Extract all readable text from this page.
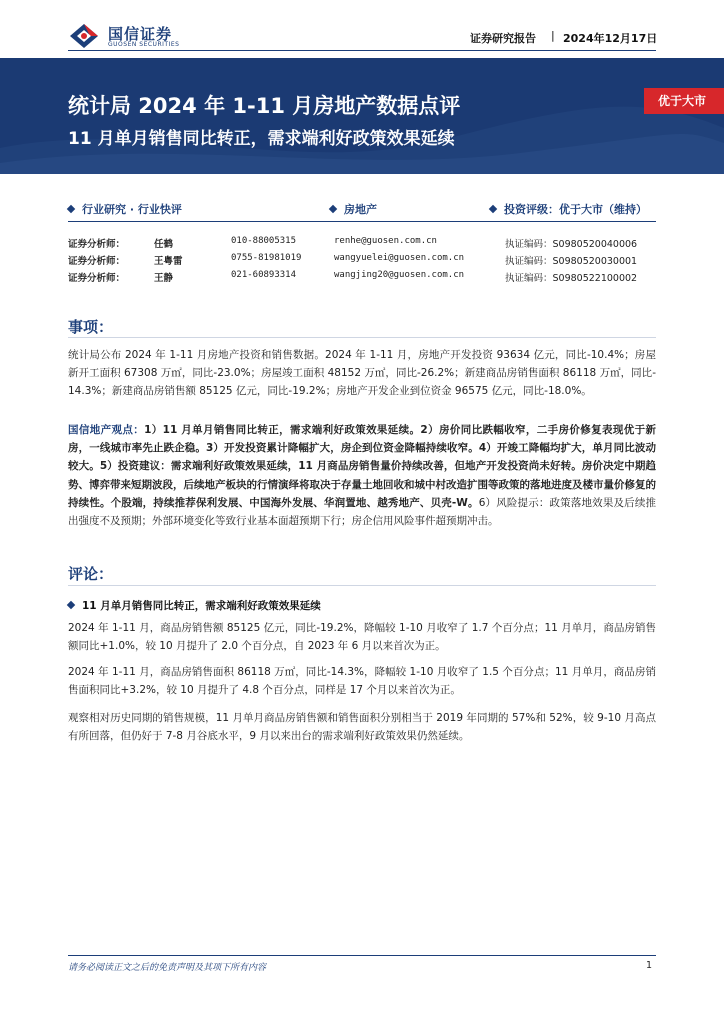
国信证券
GUOSEN SECURITIES	证券研究报告 | 2024年12月17日
统计局 2024 年 1-11 月房地产数据点评
11 月单月销售同比转正，需求端利好政策效果延续
优于大市
行业研究 · 行业快评	房地产	投资评级：优于大市（维持）
证券分析师：	任鹤	010-88005315	renhe@guosen.com.cn	执证编码：S0980520040006
证券分析师：	王粤雷	0755-81981019	wangyuelei@guosen.com.cn	执证编码：S0980520030001
证券分析师：	王静	021-60893314	wangjing20@guosen.com.cn	执证编码：S0980522100002
事项：

统计局公布 2024 年 1-11 月房地产投资和销售数据。2024 年 1-11 月，房地产开发投资 93634 亿元，同比-10.4%；房屋新开工面积 67308 万㎡，同比-23.0%；房屋竣工面积 48152 万㎡，同比-26.2%；新建商品房销售面积 86118 万㎡，同比-14.3%；新建商品房销售额 85125 亿元，同比-19.2%；房地产开发企业到位资金 96575 亿元，同比-18.0%。

国信地产观点：1）11 月单月销售同比转正，需求端利好政策效果延续。2）房价同比跌幅收窄，二手房价修复表现优于新房，一线城市率先止跌企稳。3）开发投资累计降幅扩大，房企到位资金降幅持续收窄。4）开竣工降幅均扩大，单月同比波动较大。5）投资建议：需求端利好政策效果延续，11 月商品房销售量价持续改善，但地产开发投资尚未好转。房价决定中期趋势、博弈带来短期波段，后续地产板块的行情演绎将取决于存量土地回收和城中村改造扩围等政策的落地进度及楼市量价修复的持续性。个股端，持续推荐保利发展、中国海外发展、华润置地、越秀地产、贝壳-W。6）风险提示：政策落地效果及后续推出强度不及预期；外部环境变化等致行业基本面超预期下行；房企信用风险事件超预期冲击。

评论：
11 月单月销售同比转正，需求端利好政策效果延续

2024 年 1-11 月，商品房销售额 85125 亿元，同比-19.2%，降幅较 1-10 月收窄了 1.7 个百分点；11 月单月，商品房销售额同比+1.0%，较 10 月提升了 2.0 个百分点，自 2023 年 6 月以来首次为正。

2024 年 1-11 月，商品房销售面积 86118 万㎡，同比-14.3%，降幅较 1-10 月收窄了 1.5 个百分点；11 月单月，商品房销售面积同比+3.2%，较 10 月提升了 4.8 个百分点，同样是 17 个月以来首次为正。

观察相对历史同期的销售规模，11 月单月商品房销售额和销售面积分别相当于 2019 年同期的 57%和 52%，较 9-10 月高点有所回落，但仍好于 7-8 月谷底水平，9 月以来出台的需求端利好政策效果仍然延续。

请务必阅读正文之后的免责声明及其项下所有内容	1
